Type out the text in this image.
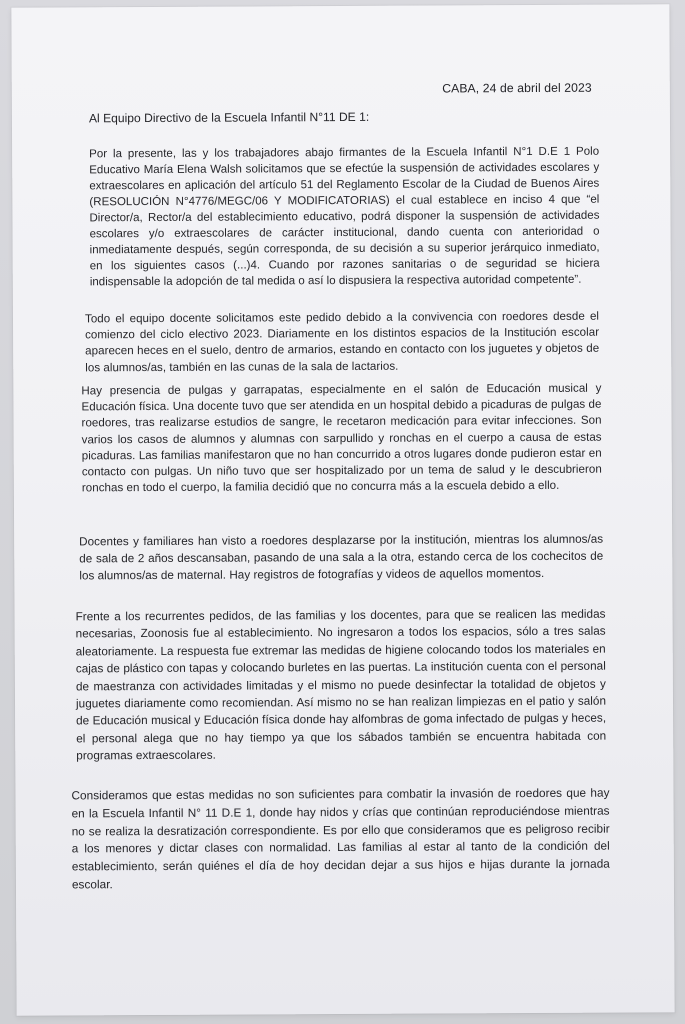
CABA, 24 de abril del 2023
Al Equipo Directivo de la Escuela Infantil N°11 DE 1:

Por la presente, las y los trabajadores abajo firmantes de la Escuela Infantil N°1 D.E 1 Polo Educativo María Elena Walsh solicitamos que se efectúe la suspensión de actividades escolares y extraescolares en aplicación del artículo 51 del Reglamento Escolar de la Ciudad de Buenos Aires (RESOLUCIÓN N°4776/MEGC/06 Y MODIFICATORIAS) el cual establece en inciso 4 que “el Director/a, Rector/a del establecimiento educativo, podrá disponer la suspensión de actividades escolares y/o extraescolares de carácter institucional, dando cuenta con anterioridad o inmediatamente después, según corresponda, de su decisión a su superior jerárquico inmediato, en los siguientes casos (...)4. Cuando por razones sanitarias o de seguridad se hiciera indispensable la adopción de tal medida o así lo dispusiera la respectiva autoridad competente”.

Todo el equipo docente solicitamos este pedido debido a la convivencia con roedores desde el comienzo del ciclo electivo 2023. Diariamente en los distintos espacios de la Institución escolar aparecen heces en el suelo, dentro de armarios, estando en contacto con los juguetes y objetos de los alumnos/as, también en las cunas de la sala de lactarios.

Hay presencia de pulgas y garrapatas, especialmente en el salón de Educación musical y Educación física. Una docente tuvo que ser atendida en un hospital debido a picaduras de pulgas de roedores, tras realizarse estudios de sangre, le recetaron medicación para evitar infecciones. Son varios los casos de alumnos y alumnas con sarpullido y ronchas en el cuerpo a causa de estas picaduras. Las familias manifestaron que no han concurrido a otros lugares donde pudieron estar en contacto con pulgas. Un niño tuvo que ser hospitalizado por un tema de salud y le descubrieron ronchas en todo el cuerpo, la familia decidió que no concurra más a la escuela debido a ello.

Docentes y familiares han visto a roedores desplazarse por la institución, mientras los alumnos/as de sala de 2 años descansaban, pasando de una sala a la otra, estando cerca de los cochecitos de los alumnos/as de maternal. Hay registros de fotografías y videos de aquellos momentos.

Frente a los recurrentes pedidos, de las familias y los docentes, para que se realicen las medidas necesarias, Zoonosis fue al establecimiento. No ingresaron a todos los espacios, sólo a tres salas aleatoriamente. La respuesta fue extremar las medidas de higiene colocando todos los materiales en cajas de plástico con tapas y colocando burletes en las puertas. La institución cuenta con el personal de maestranza con actividades limitadas y el mismo no puede desinfectar la totalidad de objetos y juguetes diariamente como recomiendan. Así mismo no se han realizan limpiezas en el patio y salón de Educación musical y Educación física donde hay alfombras de goma infectado de pulgas y heces, el personal alega que no hay tiempo ya que los sábados también se encuentra habitada con programas extraescolares.

Consideramos que estas medidas no son suficientes para combatir la invasión de roedores que hay en la Escuela Infantil N° 11 D.E 1, donde hay nidos y crías que continúan reproduciéndose mientras no se realiza la desratización correspondiente. Es por ello que consideramos que es peligroso recibir a los menores y dictar clases con normalidad. Las familias al estar al tanto de la condición del establecimiento, serán quiénes el día de hoy decidan dejar a sus hijos e hijas durante la jornada escolar.
